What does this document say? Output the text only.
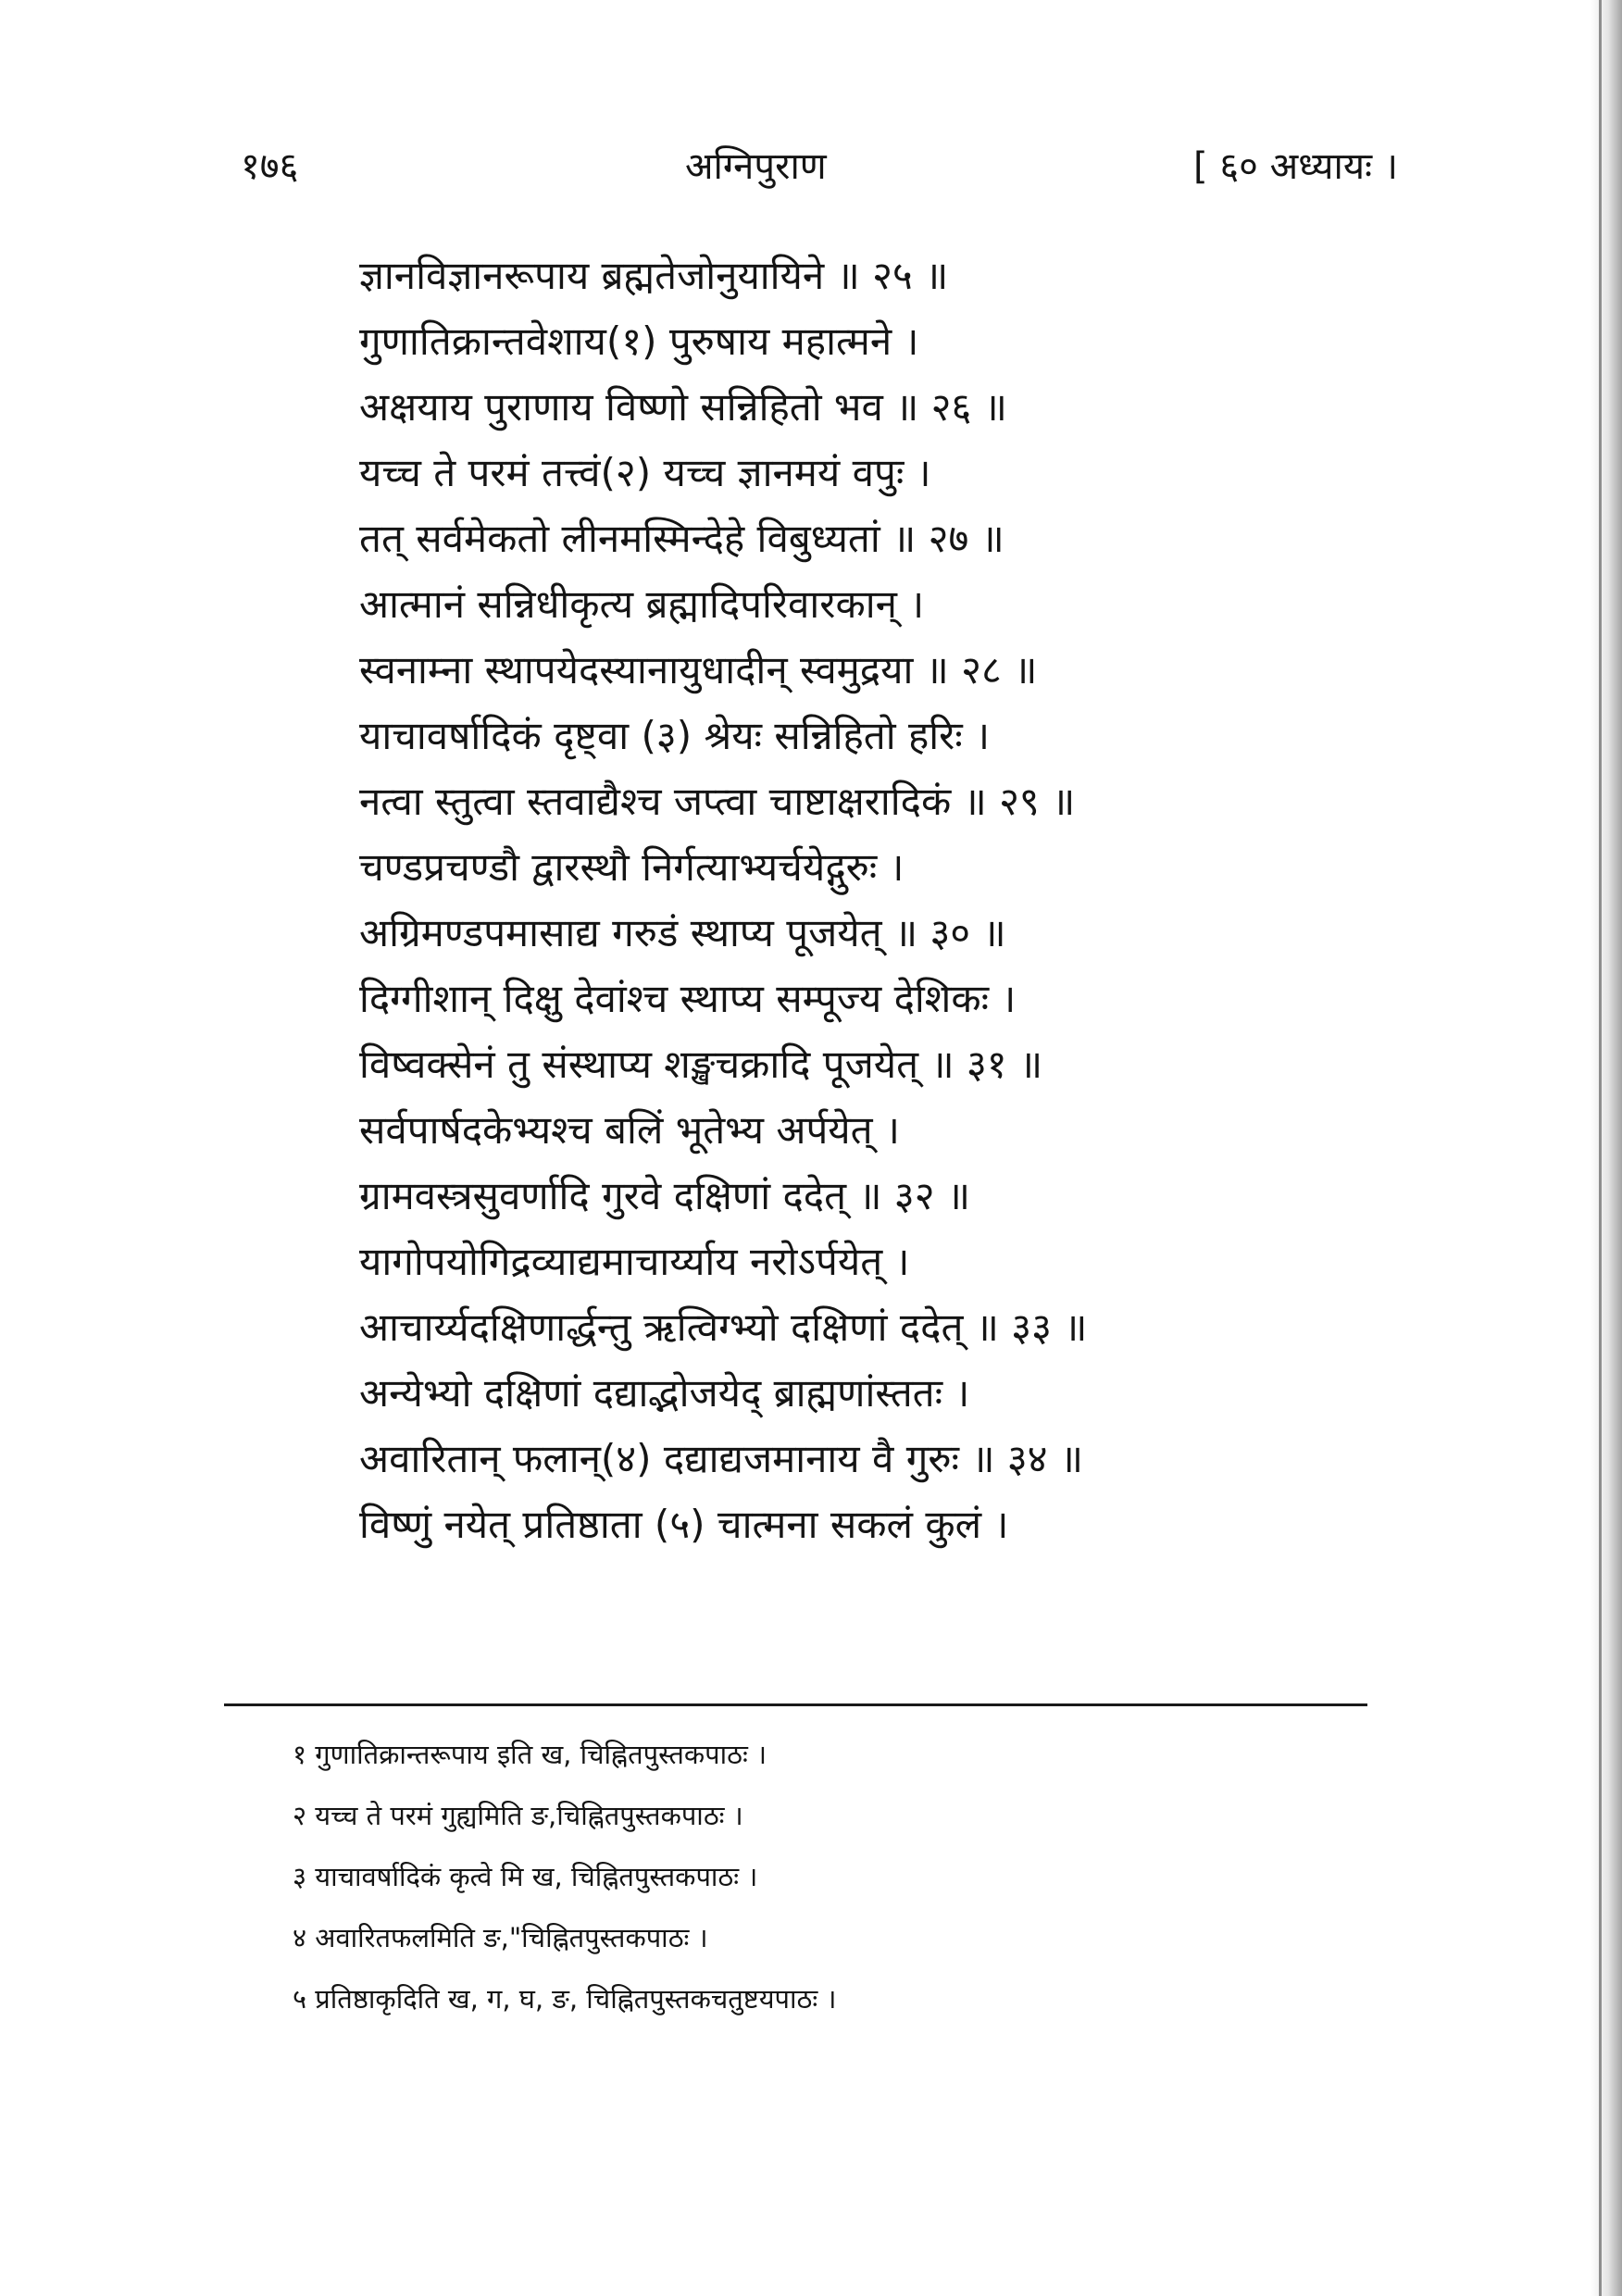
१७६	अग्निपुराण	[ ६० अध्यायः ।
ज्ञानविज्ञानरूपाय ब्रह्मतेजोनुयायिने ॥ २५ ॥
गुणातिक्रान्तवेशाय(१) पुरुषाय महात्मने ।
अक्षयाय पुराणाय विष्णो सन्निहितो भव ॥ २६ ॥
यच्च ते परमं तत्त्वं(२) यच्च ज्ञानमयं वपुः ।
तत् सर्वमेकतो लीनमस्मिन्देहे विबुध्यतां ॥ २७ ॥
आत्मानं सन्निधीकृत्य ब्रह्मादिपरिवारकान् ।
स्वनाम्ना स्थापयेदस्यानायुधादीन् स्वमुद्रया ॥ २८ ॥
याचावर्षादिकं दृष्ट्वा (३) श्रेयः सन्निहितो हरिः ।
नत्वा स्तुत्वा स्तवाद्यैश्च जप्त्वा चाष्टाक्षरादिकं ॥ २९ ॥
चण्डप्रचण्डौ द्वारस्थौ निर्गत्याभ्यर्चयेद्गुरुः ।
अग्रिमण्डपमासाद्य गरुडं स्थाप्य पूजयेत् ॥ ३० ॥
दिग्गीशान् दिक्षु देवांश्च स्थाप्य सम्पूज्य देशिकः ।
विष्वक्सेनं तु संस्थाप्य शङ्खचक्रादि पूजयेत् ॥ ३१ ॥
सर्वपार्षदकेभ्यश्च बलिं भूतेभ्य अर्पयेत् ।
ग्रामवस्त्रसुवर्णादि गुरवे दक्षिणां ददेत् ॥ ३२ ॥
यागोपयोगिद्रव्याद्यमाचार्य्याय नरोऽर्पयेत् ।
आचार्य्यदक्षिणार्द्धन्तु ऋत्विग्भ्यो दक्षिणां ददेत् ॥ ३३ ॥
अन्येभ्यो दक्षिणां दद्याद्भोजयेद् ब्राह्मणांस्ततः ।
अवारितान् फलान्(४) दद्याद्यजमानाय वै गुरुः ॥ ३४ ॥
विष्णुं नयेत् प्रतिष्ठाता (५) चात्मना सकलं कुलं ।
१ गुणातिक्रान्तरूपाय इति ख, चिह्नितपुस्तकपाठः ।
२ यच्च ते परमं गुह्यमिति ङ,चिह्नितपुस्तकपाठः ।
३ याचावर्षादिकं कृत्वे मि ख, चिह्नितपुस्तकपाठः ।
४ अवारितफलमिति ङ,"चिह्नितपुस्तकपाठः ।
५ प्रतिष्ठाकृदिति ख, ग, घ, ङ, चिह्नितपुस्तकचतुष्टयपाठः ।
